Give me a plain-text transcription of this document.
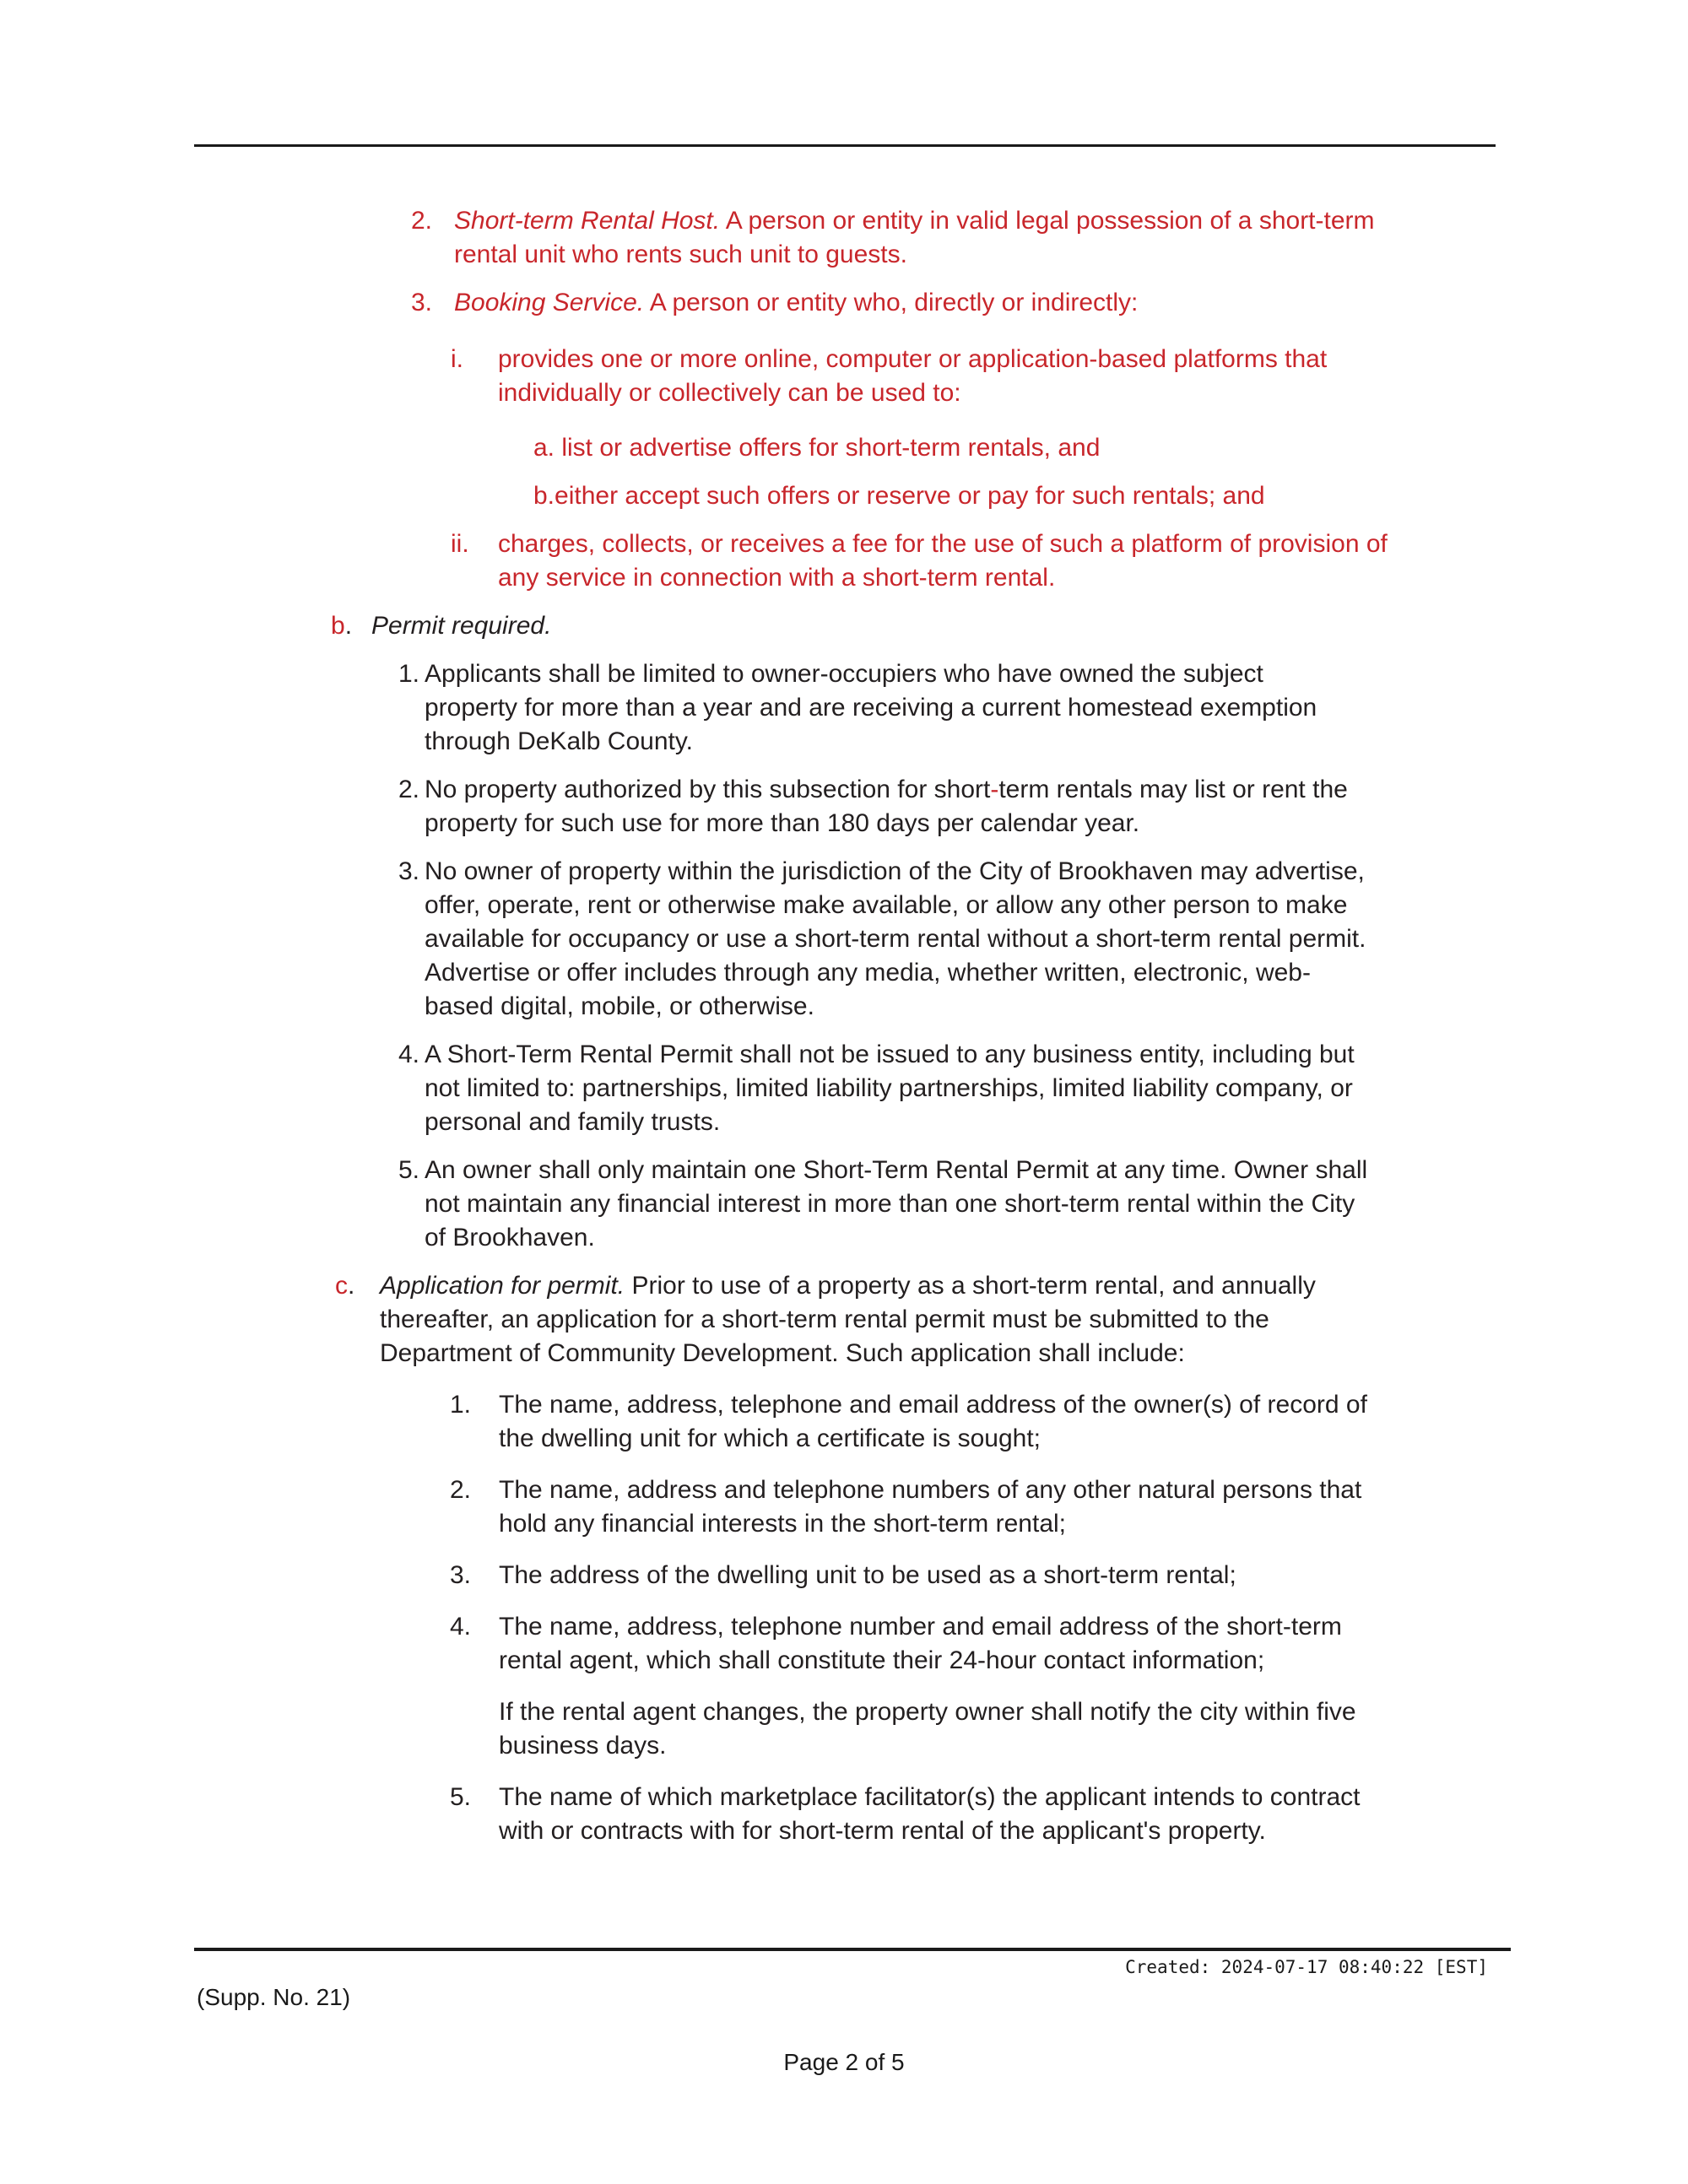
2. Short-term Rental Host. A person or entity in valid legal possession of a short-term
rental unit who rents such unit to guests.
3. Booking Service. A person or entity who, directly or indirectly:
i.	provides one or more online, computer or application-based platforms that
individually or collectively can be used to:
a. list or advertise offers for short-term rentals, and
b.either accept such offers or reserve or pay for such rentals; and
ii.	charges, collects, or receives a fee for the use of such a platform of provision of
any service in connection with a short-term rental.
b. Permit required.
1. Applicants shall be limited to owner-occupiers who have owned the subject
property for more than a year and are receiving a current homestead exemption
through DeKalb County.
2. No property authorized by this subsection for short-term rentals may list or rent the
property for such use for more than 180 days per calendar year.
3. No owner of property within the jurisdiction of the City of Brookhaven may advertise,
offer, operate, rent or otherwise make available, or allow any other person to make
available for occupancy or use a short-term rental without a short-term rental permit.
Advertise or offer includes through any media, whether written, electronic, web-
based digital, mobile, or otherwise.
4. A Short-Term Rental Permit shall not be issued to any business entity, including but
not limited to: partnerships, limited liability partnerships, limited liability company, or
personal and family trusts.
5. An owner shall only maintain one Short-Term Rental Permit at any time. Owner shall
not maintain any financial interest in more than one short-term rental within the City
of Brookhaven.
c. Application for permit. Prior to use of a property as a short-term rental, and annually
thereafter, an application for a short-term rental permit must be submitted to the
Department of Community Development. Such application shall include:
1.	The name, address, telephone and email address of the owner(s) of record of
the dwelling unit for which a certificate is sought;
2.	The name, address and telephone numbers of any other natural persons that
hold any financial interests in the short-term rental;
3.	The address of the dwelling unit to be used as a short-term rental;
4.	The name, address, telephone number and email address of the short-term
rental agent, which shall constitute their 24-hour contact information;
If the rental agent changes, the property owner shall notify the city within five
business days.
5.	The name of which marketplace facilitator(s) the applicant intends to contract
with or contracts with for short-term rental of the applicant's property.
Created: 2024-07-17 08:40:22 [EST]
(Supp. No. 21)
Page 2 of 5
